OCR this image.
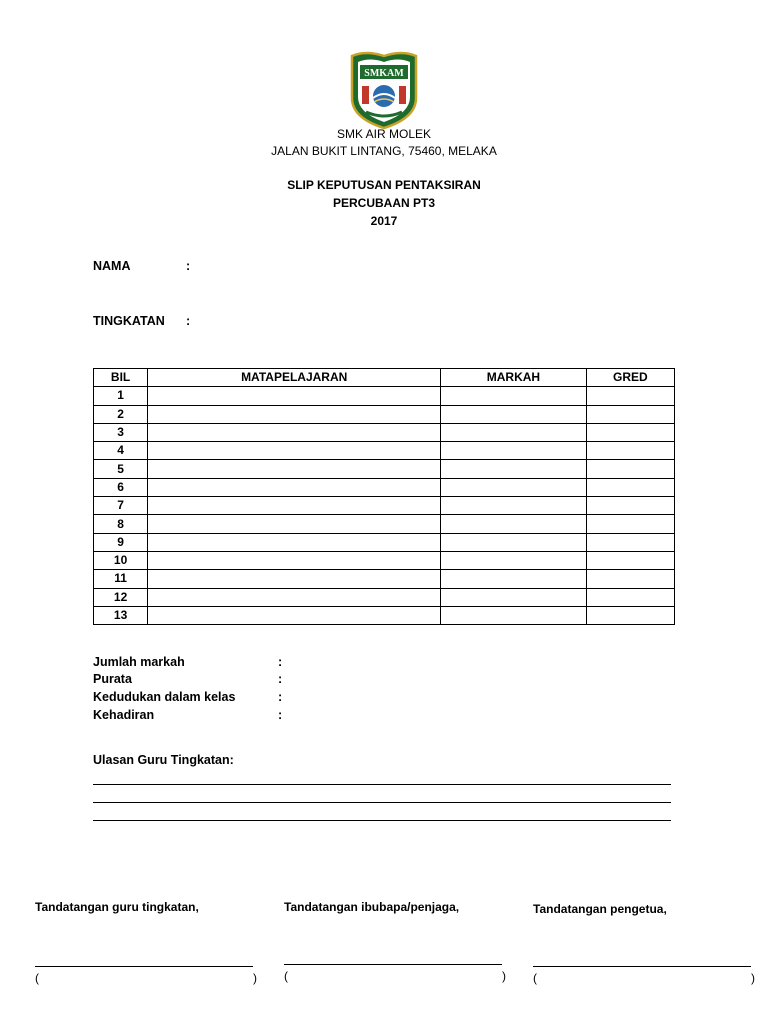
SMKAM
SMK AIR MOLEK
JALAN BUKIT LINTANG, 75460, MELAKA
SLIP KEPUTUSAN PENTAKSIRAN
PERCUBAAN PT3
2017
NAMA	:
TINGKATAN :
BIL	MATAPELAJARAN	MARKAH	GRED
1			
2			
3			
4			
5			
6			
7			
8			
9			
10			
11			
12			
13			
Jumlah markah	:
Purata	:
Kedudukan dalam kelas	:
Kehadiran	:
Ulasan Guru Tingkatan:
Tandatangan guru tingkatan,	Tandatangan ibubapa/penjaga,	Tandatangan pengetua,
(	) (	) (	)
